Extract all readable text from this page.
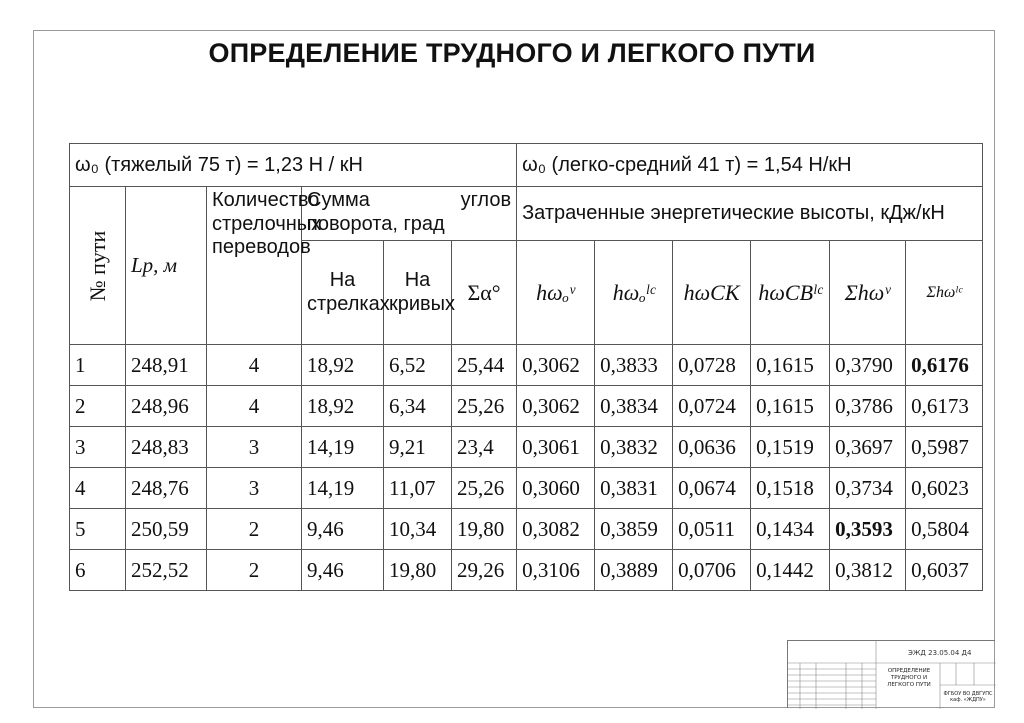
ОПРЕДЕЛЕНИЕ ТРУДНОГО И ЛЕГКОГО ПУТИ
ω₀ (тяжелый 75 т) = 1,23 Н / кН						ω₀ (легко-средний 41 т) = 1,54 Н/кН					

№ пути	Lp, м	Количество стрелочных переводов	Сумма углов
поворота, град			Затраченные энергетические высоты, кДж/кН					
			На стрелках	На кривых	Σα°	hωₒᵛ	hωₒˡᶜ	hωCK	hωCBˡᶜ	Σhωᵛ	Σhωˡᶜ
1	248,91	4	18,92	6,52	25,44	0,3062	0,3833	0,0728	0,1615	0,3790	0,6176
2	248,96	4	18,92	6,34	25,26	0,3062	0,3834	0,0724	0,1615	0,3786	0,6173
3	248,83	3	14,19	9,21	23,4	0,3061	0,3832	0,0636	0,1519	0,3697	0,5987
4	248,76	3	14,19	11,07	25,26	0,3060	0,3831	0,0674	0,1518	0,3734	0,6023
5	250,59	2	9,46	10,34	19,80	0,3082	0,3859	0,0511	0,1434	0,3593	0,5804
6	252,52	2	9,46	19,80	29,26	0,3106	0,3889	0,0706	0,1442	0,3812	0,6037
ЭЖД 23.05.04 Д4
ОПРЕДЕЛЕНИЕ ТРУДНОГО И ЛЕГКОГО ПУТИ
ФГБОУ ВО ДВГУПС каф. «ЖДПУ»
